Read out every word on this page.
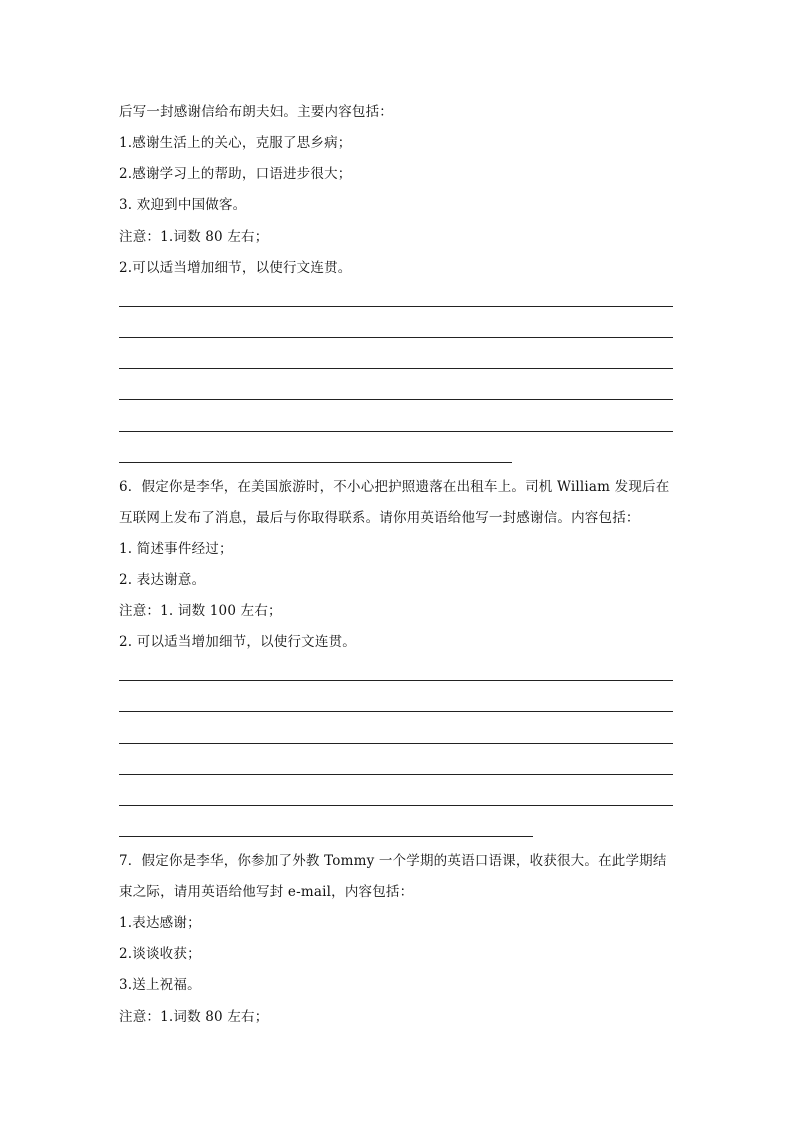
后写一封感谢信给布朗夫妇。主要内容包括：
1.感谢生活上的关心，克服了思乡病；
2.感谢学习上的帮助，口语进步很大；
3. 欢迎到中国做客。
注意：1.词数 80 左右；
2.可以适当增加细节，以使行文连贯。
6．假定你是李华，在美国旅游时，不小心把护照遗落在出租车上。司机 William 发现后在
互联网上发布了消息，最后与你取得联系。请你用英语给他写一封感谢信。内容包括：
1. 简述事件经过；
2. 表达谢意。
注意：1. 词数 100 左右；
2. 可以适当增加细节，以使行文连贯。
7．假定你是李华，你参加了外教 Tommy 一个学期的英语口语课，收获很大。在此学期结
束之际，请用英语给他写封 e-mail，内容包括：
1.表达感谢；
2.谈谈收获；
3.送上祝福。
注意：1.词数 80 左右；
